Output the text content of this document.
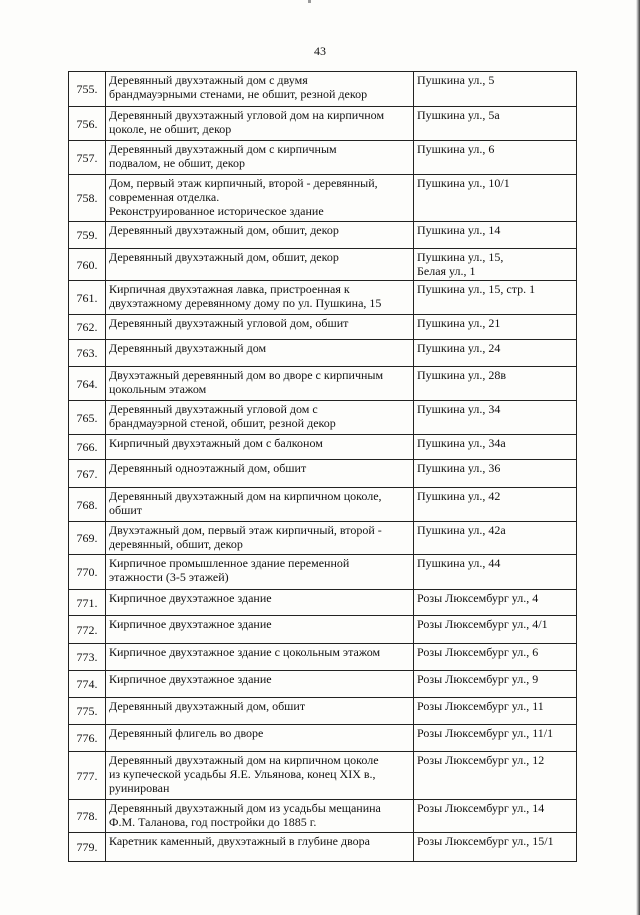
43
755.	Деревянный двухэтажный дом с двумя
брандмауэрными стенами, не обшит, резной декор	Пушкина ул., 5
756.	Деревянный двухэтажный угловой дом на кирпичном
цоколе, не обшит, декор	Пушкина ул., 5а
757.	Деревянный двухэтажный дом с кирпичным
подвалом, не обшит, декор	Пушкина ул., 6
758.	Дом, первый этаж кирпичный, второй - деревянный,
современная отделка.
Реконструированное историческое здание	Пушкина ул., 10/1
759.	Деревянный двухэтажный дом, обшит, декор	Пушкина ул., 14
760.	Деревянный двухэтажный дом, обшит, декор	Пушкина ул., 15,
Белая ул., 1
761.	Кирпичная двухэтажная лавка, пристроенная к
двухэтажному деревянному дому по ул. Пушкина, 15	Пушкина ул., 15, стр. 1
762.	Деревянный двухэтажный угловой дом, обшит	Пушкина ул., 21
763.	Деревянный двухэтажный дом	Пушкина ул., 24
764.	Двухэтажный деревянный дом во дворе с кирпичным
цокольным этажом	Пушкина ул., 28в
765.	Деревянный двухэтажный угловой дом с
брандмауэрной стеной, обшит, резной декор	Пушкина ул., 34
766.	Кирпичный двухэтажный дом с балконом	Пушкина ул., 34а
767.	Деревянный одноэтажный дом, обшит	Пушкина ул., 36
768.	Деревянный двухэтажный дом на кирпичном цоколе,
обшит	Пушкина ул., 42
769.	Двухэтажный дом, первый этаж кирпичный, второй -
деревянный, обшит, декор	Пушкина ул., 42а
770.	Кирпичное промышленное здание переменной
этажности (3-5 этажей)	Пушкина ул., 44
771.	Кирпичное двухэтажное здание	Розы Люксембург ул., 4
772.	Кирпичное двухэтажное здание	Розы Люксембург ул., 4/1
773.	Кирпичное двухэтажное здание с цокольным этажом	Розы Люксембург ул., 6
774.	Кирпичное двухэтажное здание	Розы Люксембург ул., 9
775.	Деревянный двухэтажный дом, обшит	Розы Люксембург ул., 11
776.	Деревянный флигель во дворе	Розы Люксембург ул., 11/1
777.	Деревянный двухэтажный дом на кирпичном цоколе
из купеческой усадьбы Я.Е. Ульянова, конец XIX в.,
руинирован	Розы Люксембург ул., 12
778.	Деревянный двухэтажный дом из усадьбы мещанина
Ф.М. Таланова, год постройки до 1885 г.	Розы Люксембург ул., 14
779.	Каретник каменный, двухэтажный в глубине двора	Розы Люксембург ул., 15/1
